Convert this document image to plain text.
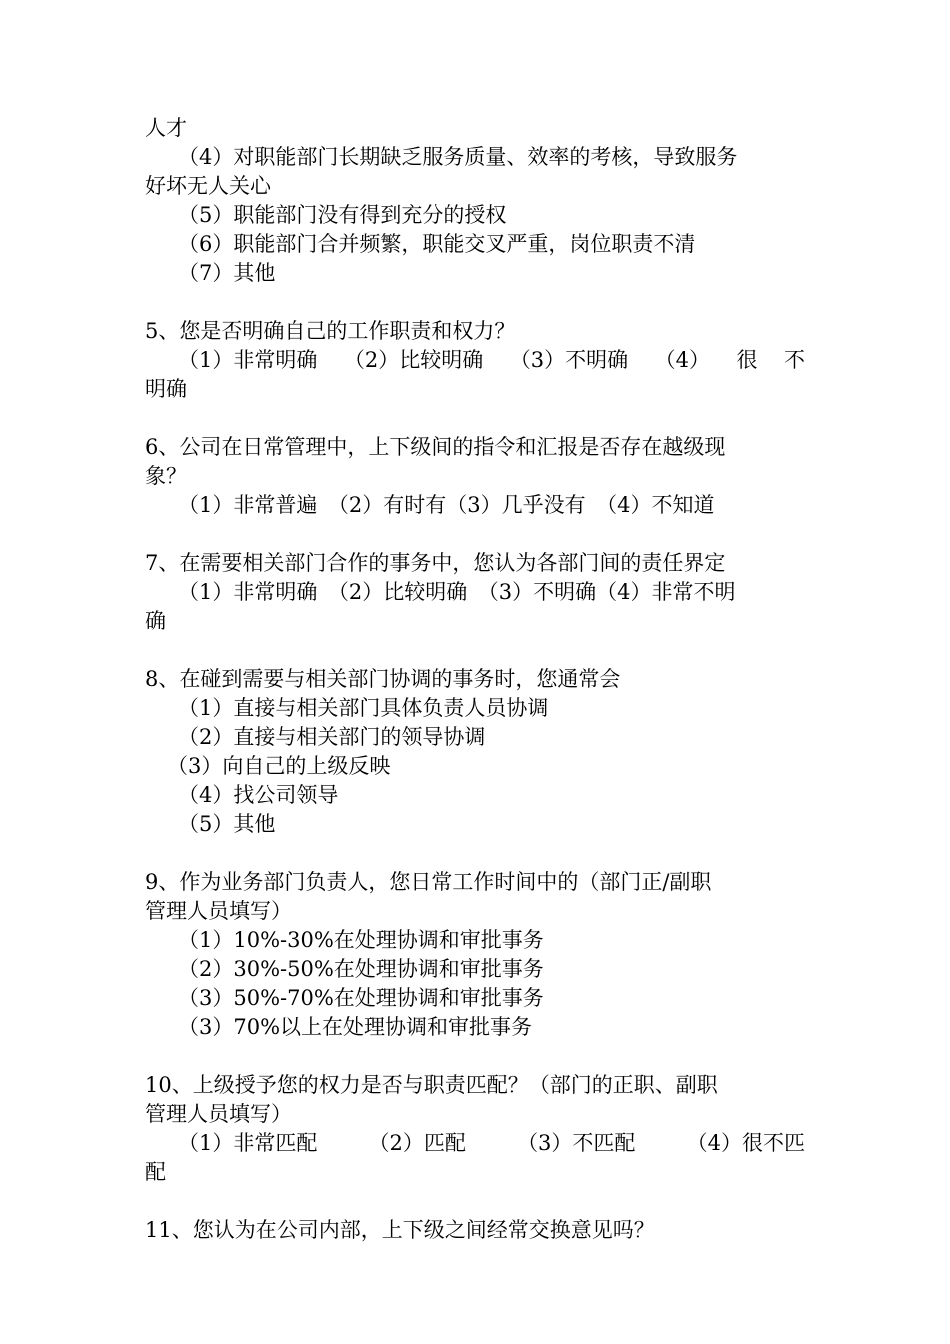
人才
（4）对职能部门长期缺乏服务质量、效率的考核，导致服务
好坏无人关心
（5）职能部门没有得到充分的授权
（6）职能部门合并频繁，职能交叉严重，岗位职责不清
（7）其他
5、您是否明确自己的工作职责和权力？
（1）非常明确 （2）比较明确 （3）不明确 （4） 很 不
明确
6、公司在日常管理中，上下级间的指令和汇报是否存在越级现
象？
（1）非常普遍　（2）有时有（3）几乎没有　（4）不知道
7、在需要相关部门合作的事务中，您认为各部门间的责任界定
（1）非常明确　（2）比较明确　（3）不明确（4）非常不明
确
8、在碰到需要与相关部门协调的事务时，您通常会
（1）直接与相关部门具体负责人员协调
（2）直接与相关部门的领导协调
（3）向自己的上级反映
（4）找公司领导
（5）其他
9、作为业务部门负责人，您日常工作时间中的（部门正/副职
管理人员填写）
（1）10%-30%在处理协调和审批事务
（2）30%-50%在处理协调和审批事务
（3）50%-70%在处理协调和审批事务
（3）70%以上在处理协调和审批事务
10、上级授予您的权力是否与职责匹配？（部门的正职、副职
管理人员填写）
（1）非常匹配 （2）匹配 （3）不匹配 （4）很不匹
配
11、您认为在公司内部，上下级之间经常交换意见吗？
